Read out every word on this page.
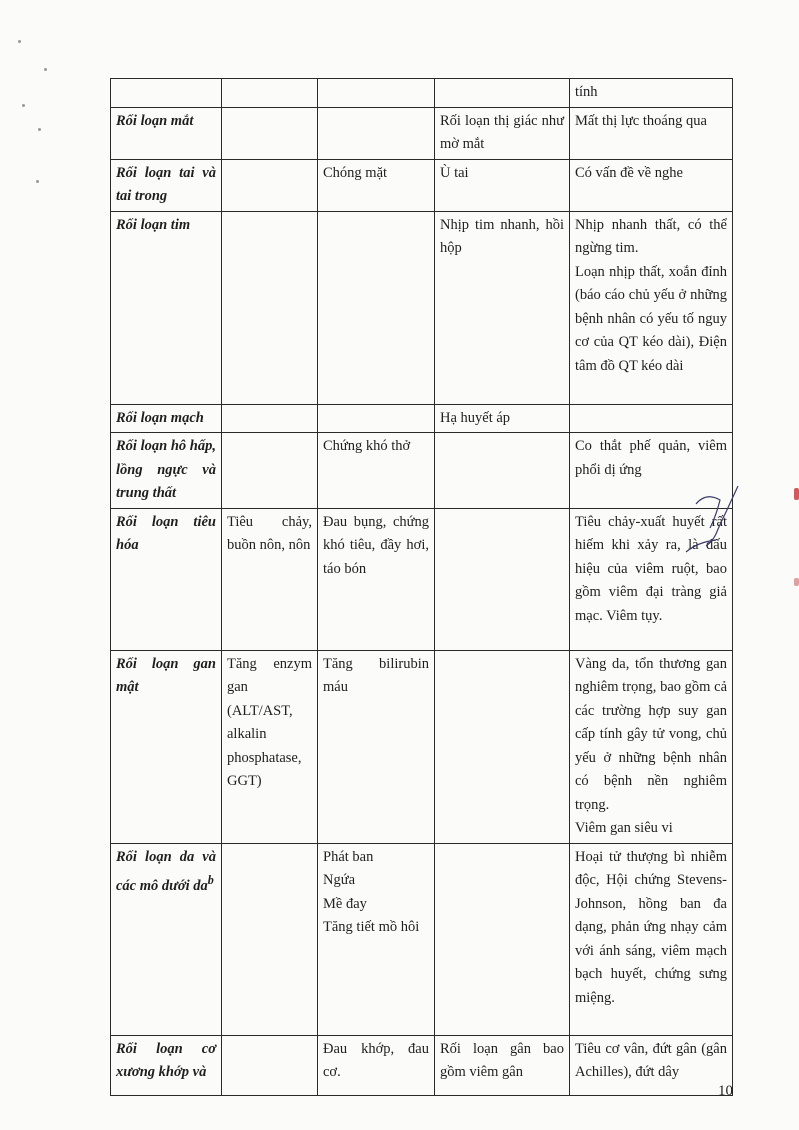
				tính

Rối loạn mắt			Rối loạn thị giác như mờ mắt	Mất thị lực thoáng qua

Rối loạn tai và tai trong		Chóng mặt	Ù tai	Có vấn đề về nghe

Rối loạn tim			Nhịp tim nhanh, hồi hộp	Nhịp nhanh thất, có thể ngừng tim.
Loạn nhịp thất, xoắn đỉnh (báo cáo chủ yếu ở những bệnh nhân có yếu tố nguy cơ của QT kéo dài), Điện tâm đồ QT kéo dài

Rối loạn mạch			Hạ huyết áp	

Rối loạn hô hấp, lồng ngực và trung thất		Chứng khó thở		Co thắt phế quản, viêm phổi dị ứng

Rối loạn tiêu hóa	Tiêu chảy, buồn nôn, nôn	Đau bụng, chứng khó tiêu, đầy hơi, táo bón		Tiêu chảy-xuất huyết rất hiếm khi xảy ra, là dấu hiệu của viêm ruột, bao gồm viêm đại tràng giả mạc. Viêm tụy.

Rối loạn gan mật	Tăng enzym gan (ALT/AST, alkalin phosphatase, GGT)	Tăng bilirubin máu		Vàng da, tổn thương gan nghiêm trọng, bao gồm cả các trường hợp suy gan cấp tính gây tử vong, chủ yếu ở những bệnh nhân có bệnh nền nghiêm trọng.
Viêm gan siêu vi

Rối loạn da và các mô dưới $da^b$		Phát ban
Ngứa
Mề đay
Tăng tiết mồ hôi		Hoại tử thượng bì nhiễm độc, Hội chứng Stevens-Johnson, hồng ban đa dạng, phản ứng nhạy cảm với ánh sáng, viêm mạch bạch huyết, chứng sưng miệng.

Rối loạn cơ xương khớp và		Đau khớp, đau cơ.	Rối loạn gân bao gồm viêm gân	Tiêu cơ vân, đứt gân (gân Achilles), đứt dây
10
